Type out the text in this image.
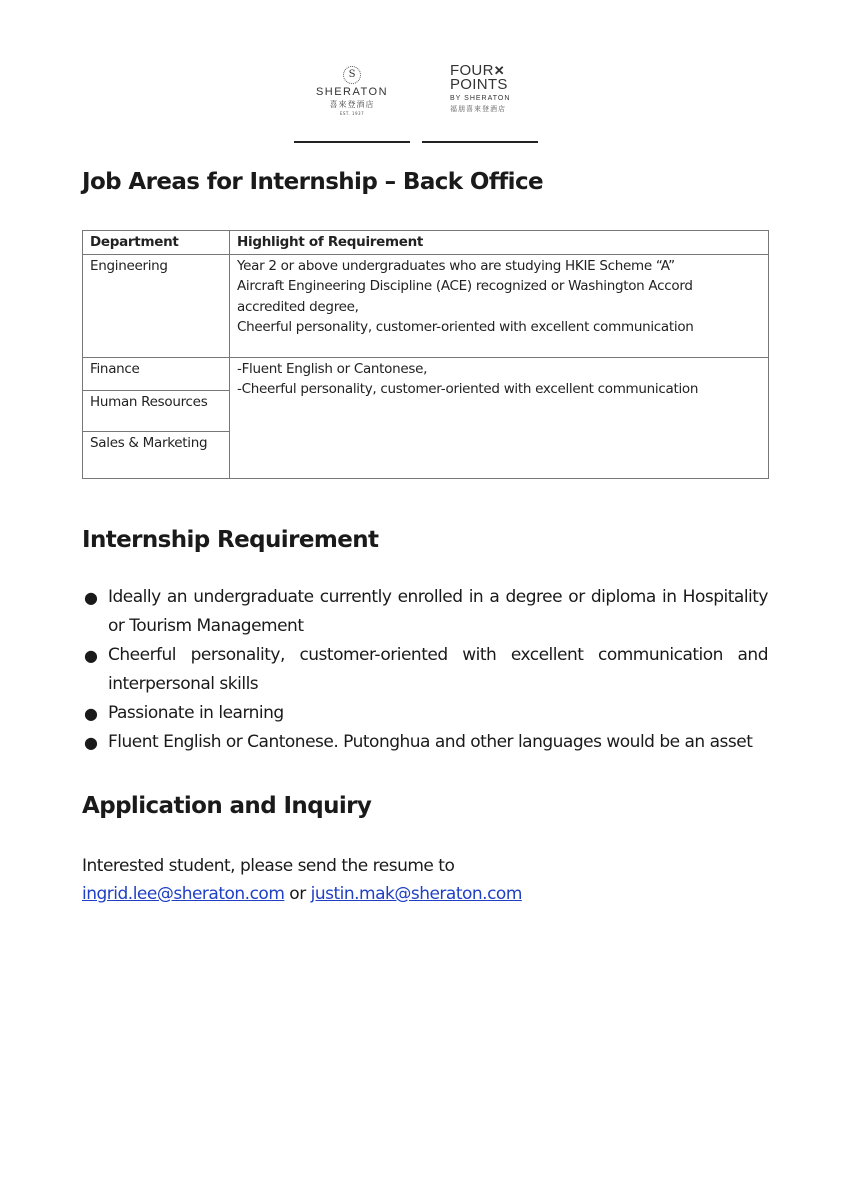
S
SHERATON
喜來登酒店
EST. 1937
FOUR✕
POINTS
BY SHERATON
福朋喜來登酒店
Job Areas for Internship – Back Office
Department	Highlight of Requirement
Engineering	Year 2 or above undergraduates who are studying HKIE Scheme “A”
Aircraft Engineering Discipline (ACE) recognized or Washington Accord
accredited degree,
Cheerful personality, customer-oriented with excellent communication

Finance	-Fluent English or Cantonese,
-Cheerful personality, customer-oriented with excellent communication

Human Resources	
Sales & Marketing	
Internship Requirement
● Ideally an undergraduate currently enrolled in a degree or diploma in Hospitality or Tourism Management
● Cheerful personality, customer-oriented with excellent communication and interpersonal skills
● Passionate in learning
● Fluent English or Cantonese. Putonghua and other languages would be an asset
Application and Inquiry
Interested student, please send the resume to
ingrid.lee@sheraton.com or justin.mak@sheraton.com
